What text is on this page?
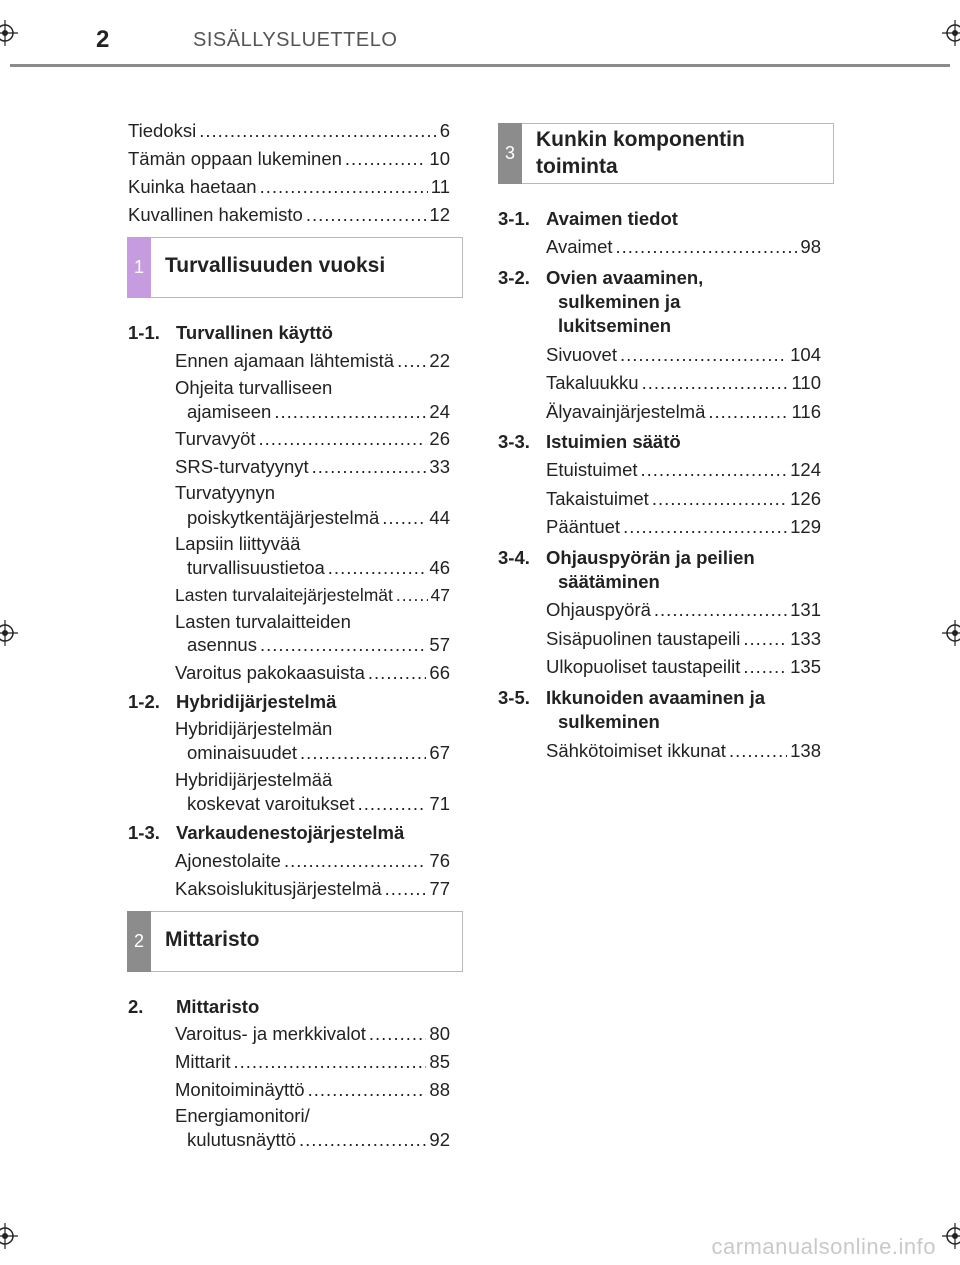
2	SISÄLLYSLUETTELO
Tiedoksi .....	6
Tämän oppaan lukeminen .....	10
Kuinka haetaan .....	11
Kuvallinen hakemisto .....	12
1	Turvallisuuden vuoksi
1-1. Turvallinen käyttö
Ennen ajamaan lähtemistä ..... 22
Ohjeita turvalliseen
ajamiseen .....	24
Turvavyöt .....	26
SRS-turvatyynyt .....	33
Turvatyynyn
poiskytkentäjärjestelmä .....	44
Lapsiin liittyvää
turvallisuustietoa .....	46
Lasten turvalaitejärjestelmät ..... 47
Lasten turvalaitteiden
asennus .....	57
Varoitus pakokaasuista .....	66
1-2. Hybridijärjestelmä
Hybridijärjestelmän
ominaisuudet .....	67
Hybridijärjestelmää
koskevat varoitukset .....	71
1-3. Varkaudenestojärjestelmä
Ajonestolaite .....	76
Kaksoislukitusjärjestelmä .....	77
2	Mittaristo
2. Mittaristo
Varoitus- ja merkkivalot .....	80
Mittarit .....	85
Monitoiminäyttö .....	88
Energiamonitori/
kulutusnäyttö .....	92
3
Kunkin komponentin
toiminta
3-1. Avaimen tiedot
Avaimet .....	98
3-2. Ovien avaaminen,
sulkeminen ja
lukitseminen
Sivuovet .....	104
Takaluukku .....	110
Älyavainjärjestelmä .....	116
3-3. Istuimien säätö
Etuistuimet .....	124
Takaistuimet .....	126
Pääntuet .....	129
3-4. Ohjauspyörän ja peilien
säätäminen
Ohjauspyörä .....	131
Sisäpuolinen taustapeili .....	133
Ulkopuoliset taustapeilit .....	135
3-5. Ikkunoiden avaaminen ja
sulkeminen
Sähkötoimiset ikkunat .....	138
carmanualsonline.info
